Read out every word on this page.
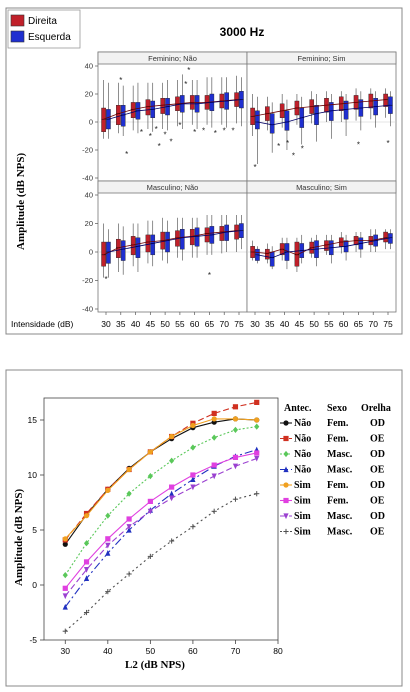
3000 Hz
Direita
Esquerda
Amplitude (dB NPS)
Intensidade (dB)
Feminino; Não
-40
-20
0
20
40
*
*
* *
*
*
*
*
*
*
*
* * * * *
Feminino; Sim
*
* *
*
*	*	*
Masculino; Não
-40
-20
0
20
40
*	*
Masculino; Sim
30 35 40 45 50 55 60 65 70 75 30 35 40 45 50 55 60 65 70 75
Amplitude (dB NPS)
L2 (dB NPS)
30	40	50	60	70	80
-5
0
5
10
15
Antec. Sexo Orelha
Não Fem. OD
Não Fem. OE
Não Masc. OD
Não Masc. OE
Sim Fem. OD
Sim Fem. OE
Sim Masc. OD
Sim Masc. OE
